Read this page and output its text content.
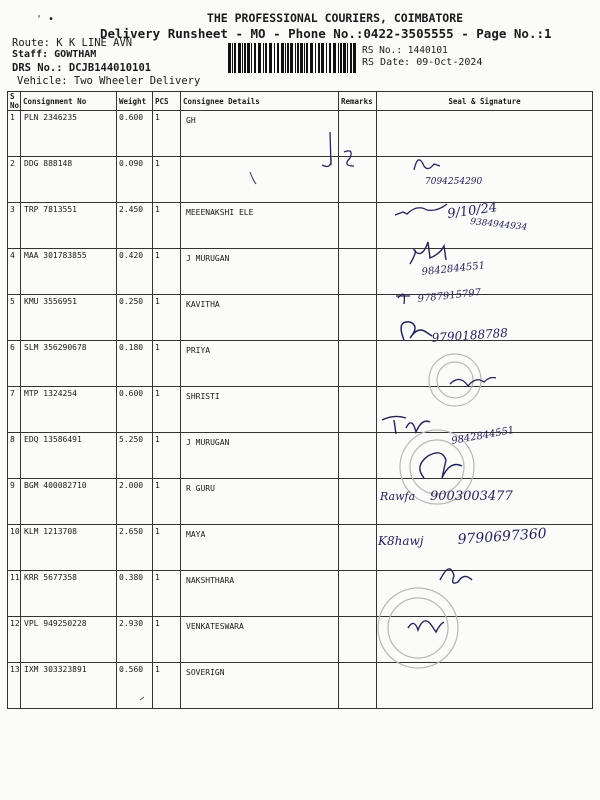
' •	THE PROFESSIONAL COURIERS, COIMBATORE
Delivery Runsheet - MO - Phone No.:0422-3505555 - Page No.:1
Route: K K LINE AVN
Staff: GOWTHAM
DRS No.: DCJB144010101
Vehicle: Two Wheeler Delivery
RS No.: 1440101
RS Date: 09-Oct-2024
S No	Consignment No	Weight	PCS	Consignee Details	Remarks	Seal & Signature
1	PLN 2346235	0.600	1	GH		
2	DDG 888148	0.090	1			
3	TRP 7813551	2.450	1	MEEENAKSHI ELE		
4	MAA 301783855	0.420	1	J MURUGAN		
5	KMU 3556951	0.250	1	KAVITHA		
6	SLM 356290678	0.180	1	PRIYA		
7	MTP 1324254	0.600	1	SHRISTI		
8	EDQ 13586491	5.250	1	J MURUGAN		
9	BGM 400082710	2.000	1	R GURU		
10	KLM 1213708	2.650	1	MAYA		
11	KRR 5677358	0.380	1	NAKSHTHARA		
12	VPL 949250228	2.930	1	VENKATESWARA		
13	IXM 303323891	0.560	1	SOVERIGN		
7094254290
9/10/24
9384944934
9842844551
9787915797
9790188788
9842844551
Rawfa 9003003477
K8hawj 9790697360
